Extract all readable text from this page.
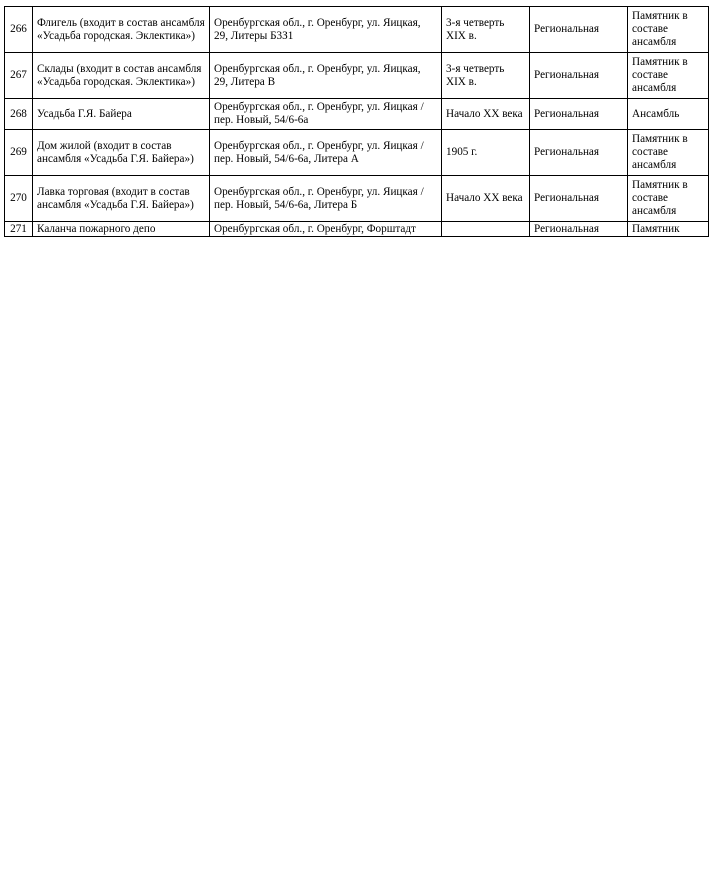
266	Флигель (входит в состав ансамбля «Усадьба городская. Эклектика»)	Оренбургская обл., г. Оренбург, ул. Яицкая, 29, Литеры Б3З1	3-я четверть XIX в.	Региональная	Памятник в составе ансамбля
267	Склады (входит в состав ансамбля «Усадьба городская. Эклектика»)	Оренбургская обл., г. Оренбург, ул. Яицкая, 29, Литера В	3-я четверть XIX в.	Региональная	Памятник в составе ансамбля
268	Усадьба Г.Я. Байера	Оренбургская обл., г. Оренбург, ул. Яицкая / пер. Новый, 54/6-6а	Начало XX века	Региональная	Ансамбль
269	Дом жилой (входит в состав ансамбля «Усадьба Г.Я. Байера»)	Оренбургская обл., г. Оренбург, ул. Яицкая / пер. Новый, 54/6-6а, Литера А	1905 г.	Региональная	Памятник в составе ансамбля
270	Лавка торговая (входит в состав ансамбля «Усадьба Г.Я. Байера»)	Оренбургская обл., г. Оренбург, ул. Яицкая / пер. Новый, 54/6-6а, Литера Б	Начало XX века	Региональная	Памятник в составе ансамбля
271	Каланча пожарного депо	Оренбургская обл., г. Оренбург, Форштадт		Региональная	Памятник
